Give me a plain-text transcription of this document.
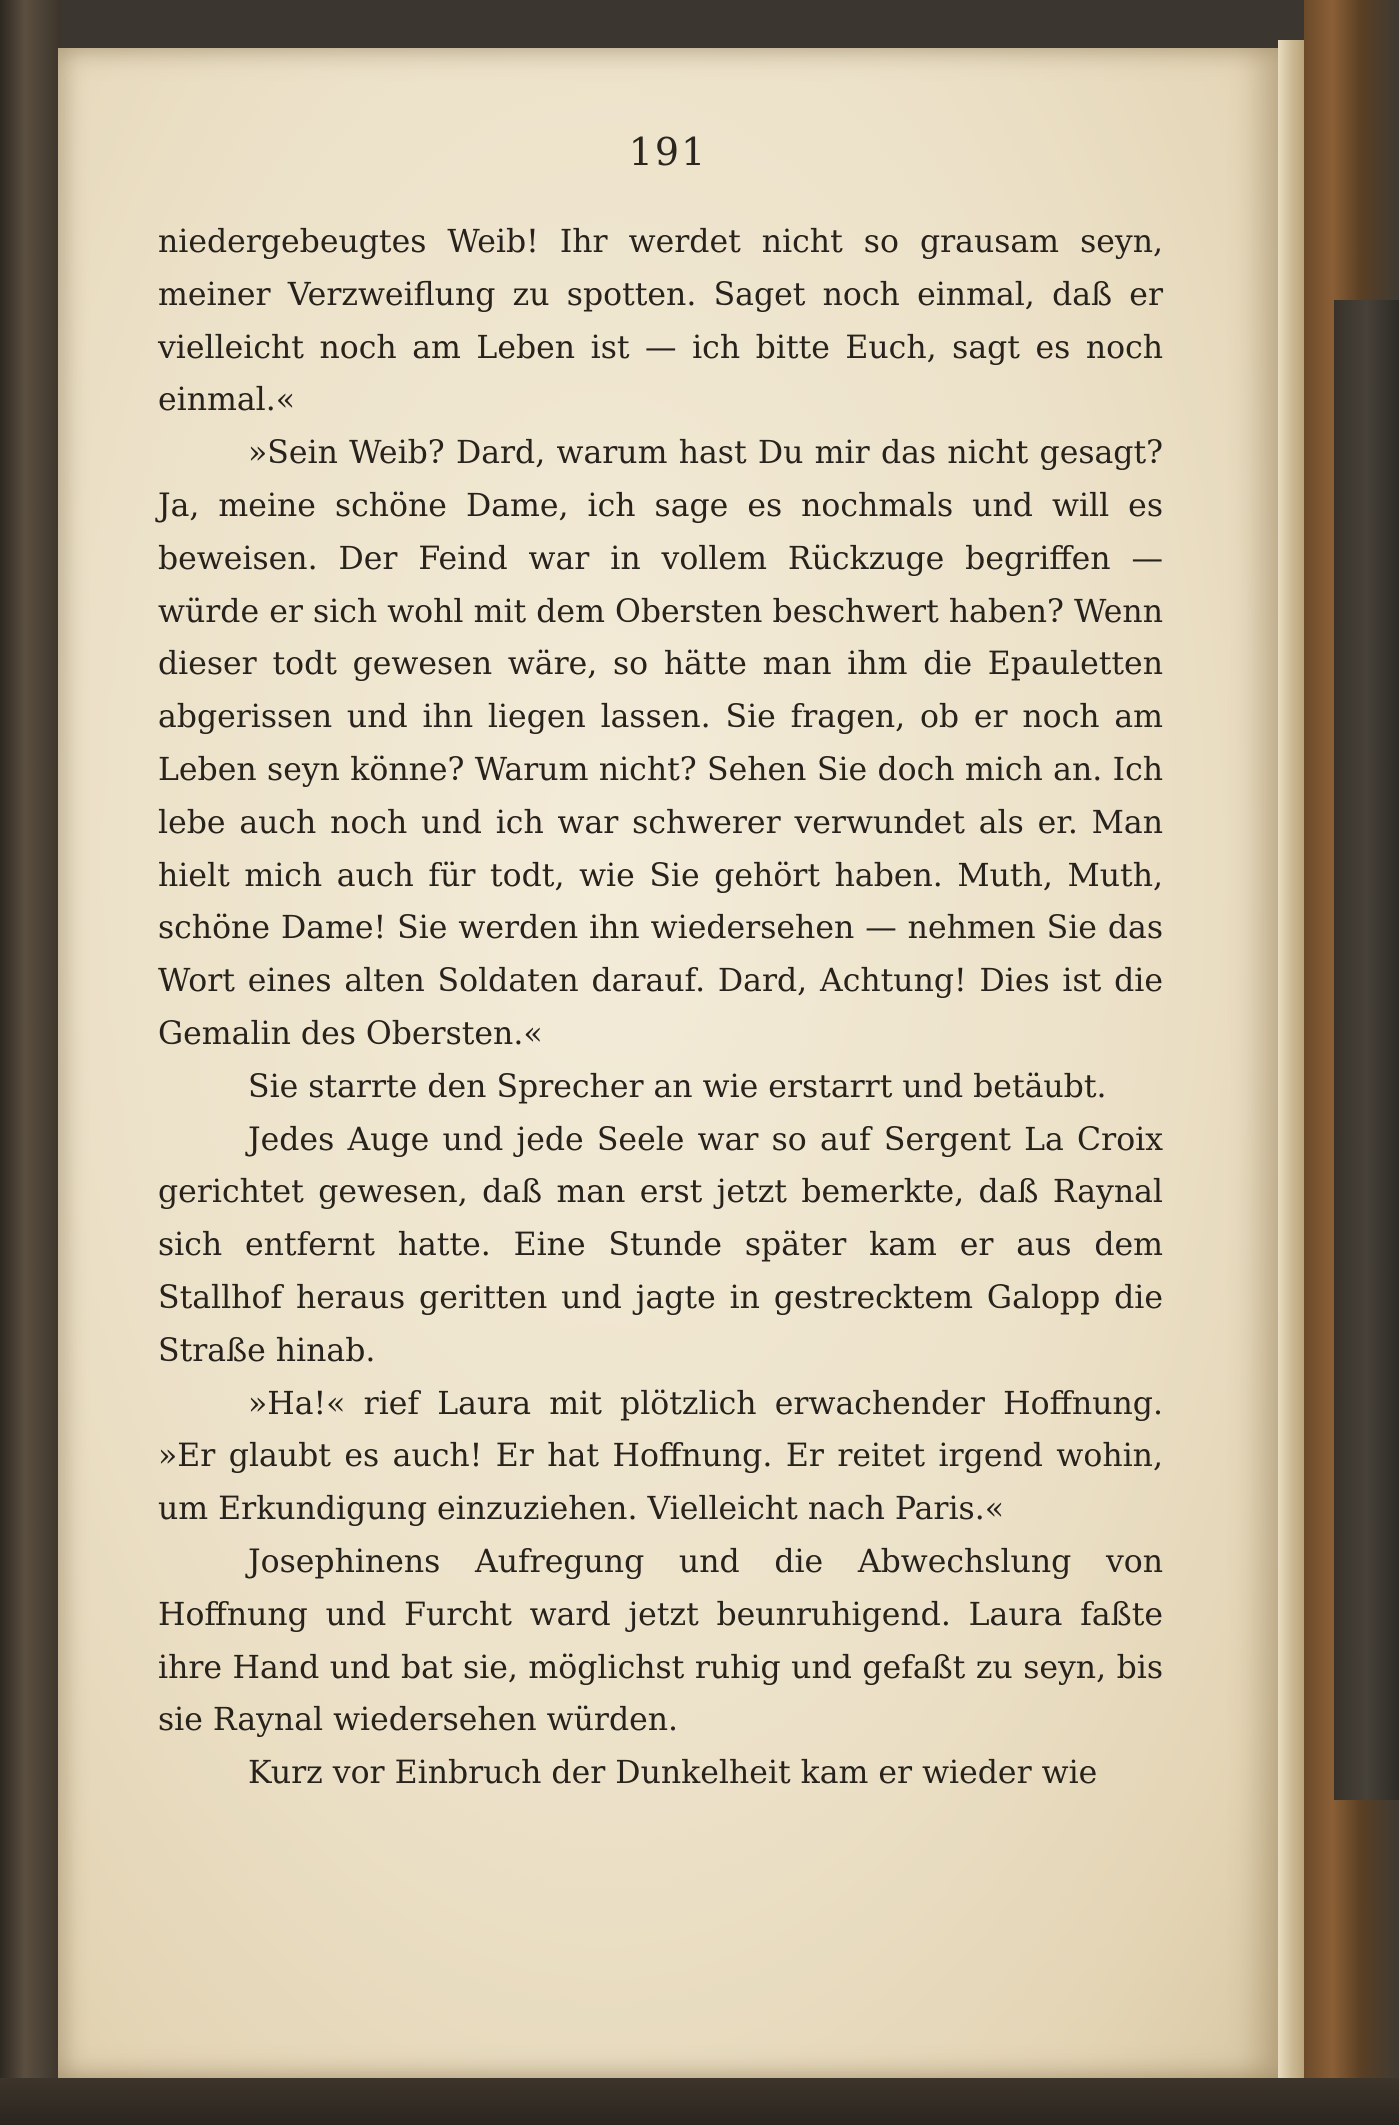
191

niedergebeugtes Weib! Ihr werdet nicht so grausam seyn, meiner Verzweiflung zu spotten. Saget noch einmal, daß er vielleicht noch am Leben ist — ich bitte Euch, sagt es noch einmal.«

»Sein Weib? Dard, warum hast Du mir das nicht gesagt? Ja, meine schöne Dame, ich sage es nochmals und will es beweisen. Der Feind war in vollem Rückzuge begriffen — würde er sich wohl mit dem Obersten beschwert haben? Wenn dieser todt gewesen wäre, so hätte man ihm die Epauletten abgerissen und ihn liegen lassen. Sie fragen, ob er noch am Leben seyn könne? Warum nicht? Sehen Sie doch mich an. Ich lebe auch noch und ich war schwerer verwundet als er. Man hielt mich auch für todt, wie Sie gehört haben. Muth, Muth, schöne Dame! Sie werden ihn wiedersehen — nehmen Sie das Wort eines alten Soldaten darauf. Dard, Achtung! Dies ist die Gemalin des Obersten.«

Sie starrte den Sprecher an wie erstarrt und betäubt.

Jedes Auge und jede Seele war so auf Sergent La Croix gerichtet gewesen, daß man erst jetzt bemerkte, daß Raynal sich entfernt hatte. Eine Stunde später kam er aus dem Stallhof heraus geritten und jagte in gestrecktem Galopp die Straße hinab.

»Ha!« rief Laura mit plötzlich erwachender Hoffnung. »Er glaubt es auch! Er hat Hoffnung. Er reitet irgend wohin, um Erkundigung einzuziehen. Vielleicht nach Paris.«

Josephinens Aufregung und die Abwechslung von Hoffnung und Furcht ward jetzt beunruhigend. Laura faßte ihre Hand und bat sie, möglichst ruhig und gefaßt zu seyn, bis sie Raynal wiedersehen würden.

Kurz vor Einbruch der Dunkelheit kam er wieder wie
